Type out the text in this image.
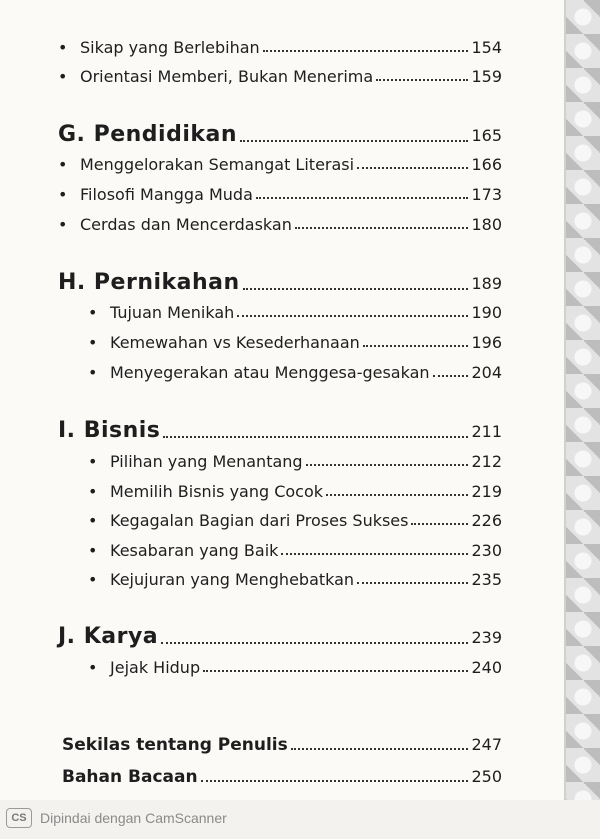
• Sikap yang Berlebihan	154
• Orientasi Memberi, Bukan Menerima	159
G. Pendidikan	165
• Menggelorakan Semangat Literasi	166
• Filosofi Mangga Muda	173
• Cerdas dan Mencerdaskan	180
H. Pernikahan	189
• Tujuan Menikah	190
• Kemewahan vs Kesederhanaan	196
• Menyegerakan atau Menggesa-gesakan	204
I. Bisnis	211
• Pilihan yang Menantang	212
• Memilih Bisnis yang Cocok	219
• Kegagalan Bagian dari Proses Sukses	226
• Kesabaran yang Baik	230
• Kejujuran yang Menghebatkan	235
J. Karya	239
• Jejak Hidup	240
Sekilas tentang Penulis	247
Bahan Bacaan	250
CS Dipindai dengan CamScanner
